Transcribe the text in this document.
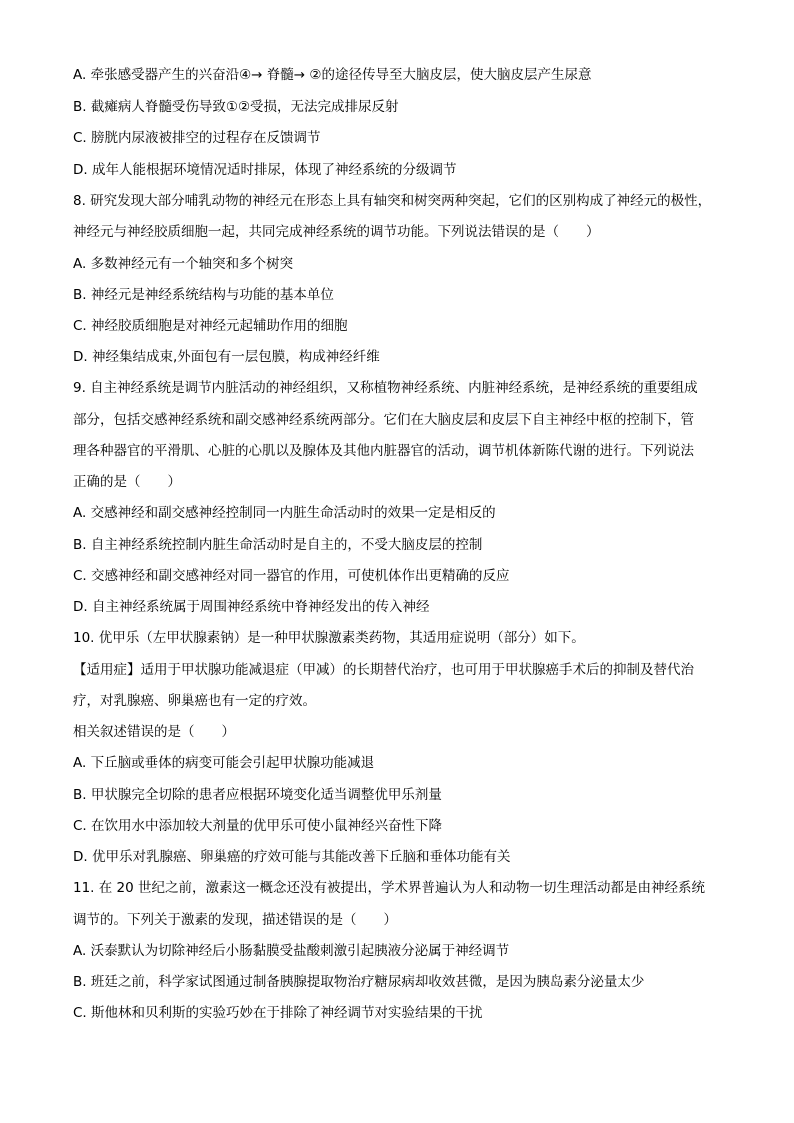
A. 牵张感受器产生的兴奋沿④→ 脊髓→ ②的途径传导至大脑皮层，使大脑皮层产生尿意
B. 截瘫病人脊髓受伤导致①②受损，无法完成排尿反射
C. 膀胱内尿液被排空的过程存在反馈调节
D. 成年人能根据环境情况适时排尿，体现了神经系统的分级调节
8. 研究发现大部分哺乳动物的神经元在形态上具有轴突和树突两种突起，它们的区别构成了神经元的极性，
神经元与神经胶质细胞一起，共同完成神经系统的调节功能。下列说法错误的是（　　）
A. 多数神经元有一个轴突和多个树突
B. 神经元是神经系统结构与功能的基本单位
C. 神经胶质细胞是对神经元起辅助作用的细胞
D. 神经集结成束,外面包有一层包膜，构成神经纤维
9. 自主神经系统是调节内脏活动的神经组织，又称植物神经系统、内脏神经系统，是神经系统的重要组成
部分，包括交感神经系统和副交感神经系统两部分。它们在大脑皮层和皮层下自主神经中枢的控制下，管
理各种器官的平滑肌、心脏的心肌以及腺体及其他内脏器官的活动，调节机体新陈代谢的进行。下列说法
正确的是（　　）
A. 交感神经和副交感神经控制同一内脏生命活动时的效果一定是相反的
B. 自主神经系统控制内脏生命活动时是自主的，不受大脑皮层的控制
C. 交感神经和副交感神经对同一器官的作用，可使机体作出更精确的反应
D. 自主神经系统属于周围神经系统中脊神经发出的传入神经
10. 优甲乐（左甲状腺素钠）是一种甲状腺激素类药物，其适用症说明（部分）如下。
【适用症】适用于甲状腺功能减退症（甲减）的长期替代治疗，也可用于甲状腺癌手术后的抑制及替代治
疗，对乳腺癌、卵巢癌也有一定的疗效。
相关叙述错误的是（　　）
A. 下丘脑或垂体的病变可能会引起甲状腺功能减退
B. 甲状腺完全切除的患者应根据环境变化适当调整优甲乐剂量
C. 在饮用水中添加较大剂量的优甲乐可使小鼠神经兴奋性下降
D. 优甲乐对乳腺癌、卵巢癌的疗效可能与其能改善下丘脑和垂体功能有关
11. 在 20 世纪之前，激素这一概念还没有被提出，学术界普遍认为人和动物一切生理活动都是由神经系统
调节的。下列关于激素的发现，描述错误的是（　　）
A. 沃泰默认为切除神经后小肠黏膜受盐酸刺激引起胰液分泌属于神经调节
B. 班廷之前，科学家试图通过制备胰腺提取物治疗糖尿病却收效甚微，是因为胰岛素分泌量太少
C. 斯他林和贝利斯的实验巧妙在于排除了神经调节对实验结果的干扰
